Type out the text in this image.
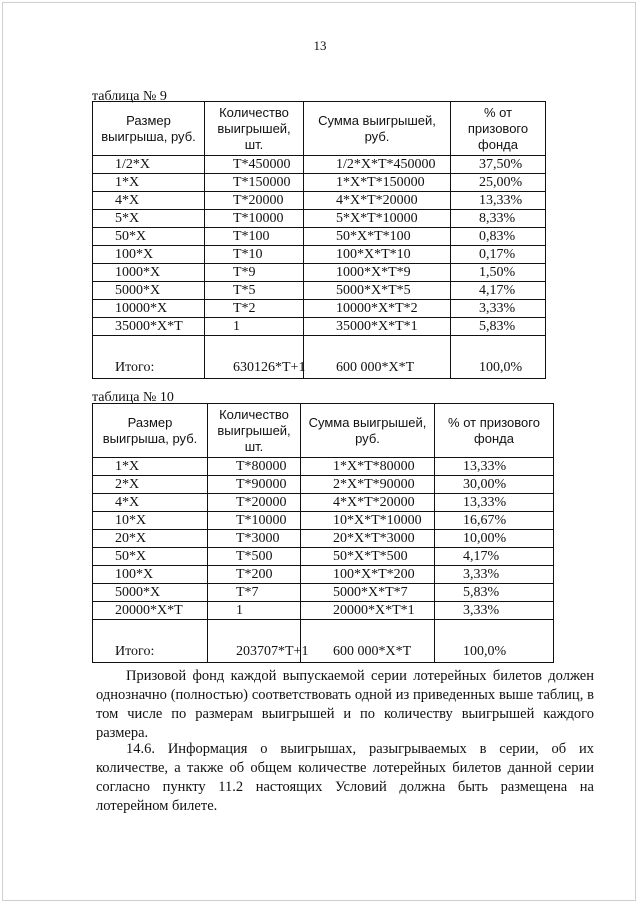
13
таблица № 9
Размер выигрыша, руб.	Количество выигрышей, шт.	Сумма выигрышей, руб.	% от призового фонда
1/2*X	T*450000	1/2*X*T*450000	37,50%
1*X	T*150000	1*X*T*150000	25,00%
4*X	T*20000	4*X*T*20000	13,33%
5*X	T*10000	5*X*T*10000	8,33%
50*X	T*100	50*X*T*100	0,83%
100*X	T*10	100*X*T*10	0,17%
1000*X	T*9	1000*X*T*9	1,50%
5000*X	T*5	5000*X*T*5	4,17%
10000*X	T*2	10000*X*T*2	3,33%
35000*X*T	1	35000*X*T*1	5,83%
Итого:	630126*T+1	600 000*X*T	100,0%
таблица № 10
Размер выигрыша, руб.	Количество выигрышей, шт.	Сумма выигрышей, руб.	% от призового фонда
1*X	T*80000	1*X*T*80000	13,33%
2*X	T*90000	2*X*T*90000	30,00%
4*X	T*20000	4*X*T*20000	13,33%
10*X	T*10000	10*X*T*10000	16,67%
20*X	T*3000	20*X*T*3000	10,00%
50*X	T*500	50*X*T*500	4,17%
100*X	T*200	100*X*T*200	3,33%
5000*X	T*7	5000*X*T*7	5,83%
20000*X*T	1	20000*X*T*1	3,33%
Итого:	203707*T+1	600 000*X*T	100,0%
Призовой фонд каждой выпускаемой серии лотерейных билетов должен однозначно (полностью) соответствовать одной из приведенных выше таблиц, в том числе по размерам выигрышей и по количеству выигрышей каждого размера.
14.6. Информация о выигрышах, разыгрываемых в серии, об их количестве, а также об общем количестве лотерейных билетов данной серии согласно пункту 11.2 настоящих Условий должна быть размещена на лотерейном билете.
